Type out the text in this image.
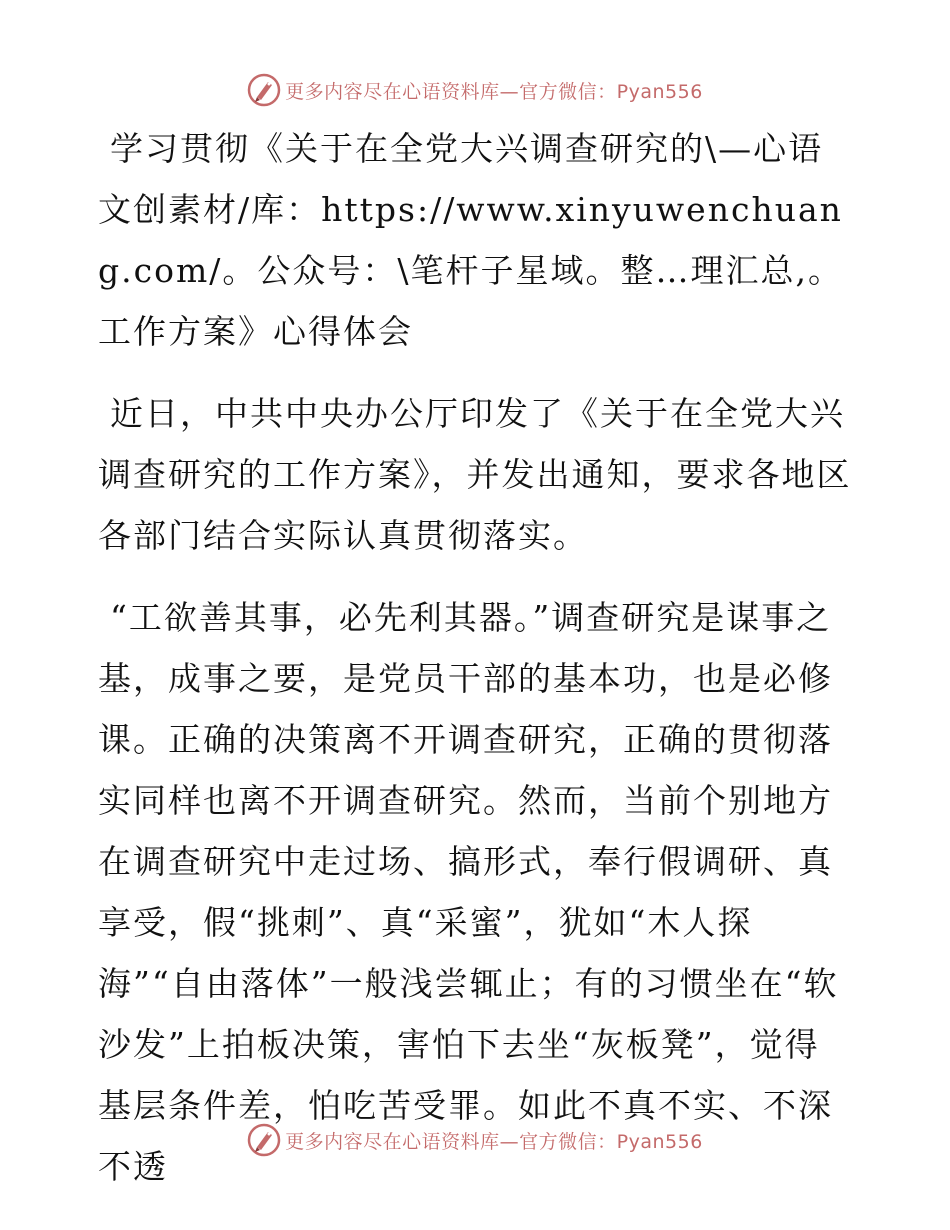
更多内容尽在心语资料库—官方微信：Pyan556

学习贯彻《关于在全党大兴调查研究的\—心语文创素材/库：https://www.xinyuwenchuang.com/。公众号：\笔杆子星域。整…理汇总,。工作方案》心得体会

近日，中共中央办公厅印发了《关于在全党大兴调查研究的工作方案》，并发出通知，要求各地区各部门结合实际认真贯彻落实。

“工欲善其事，必先利其器。”调查研究是谋事之基，成事之要，是党员干部的基本功，也是必修课。正确的决策离不开调查研究，正确的贯彻落实同样也离不开调查研究。然而，当前个别地方在调查研究中走过场、搞形式，奉行假调研、真享受，假“挑刺”、真“采蜜”，犹如“木人探海”“自由落体”一般浅尝辄止；有的习惯坐在“软沙发”上拍板决策，害怕下去坐“灰板凳”，觉得基层条件差，怕吃苦受罪。如此不真不实、不深不透

更多内容尽在心语资料库—官方微信：Pyan556
